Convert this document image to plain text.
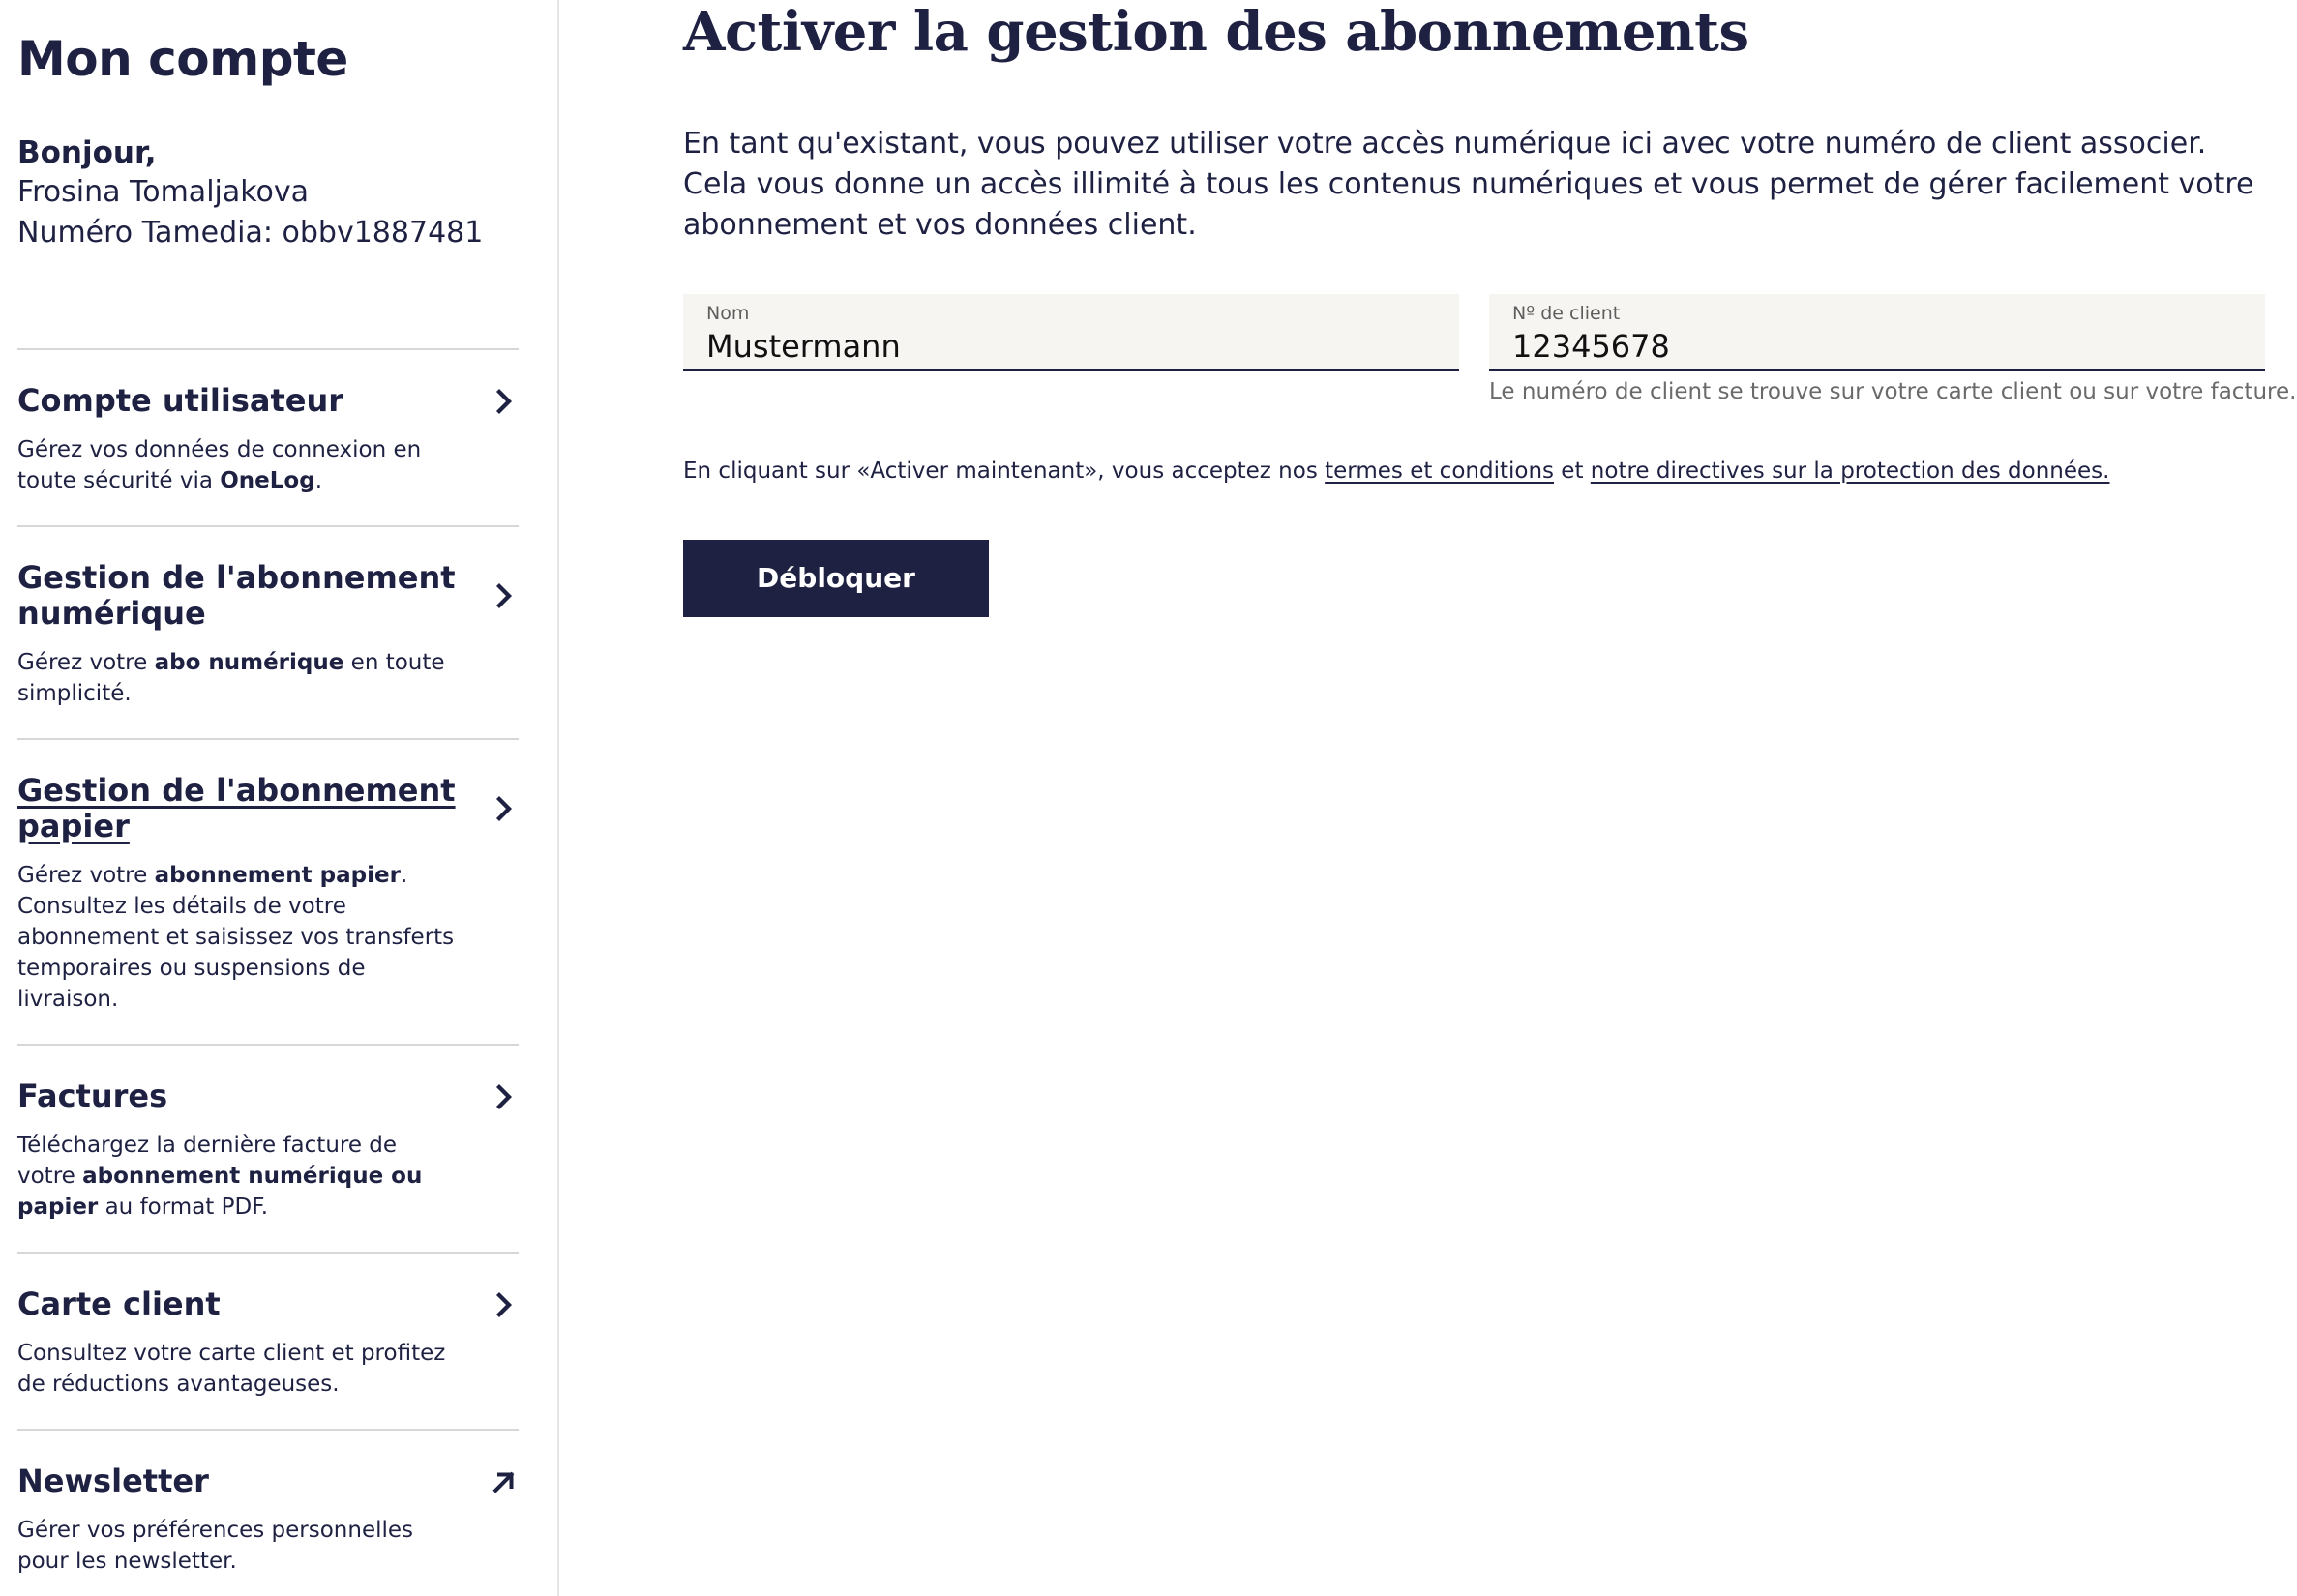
Mon compte
Bonjour,
Frosina Tomaljakova
Numéro Tamedia: obbv1887481
Compte utilisateur
Gérez vos données de connexion en toute sécurité via OneLog.
Gestion de l'abonnement numérique
Gérez votre abo numérique en toute simplicité.
Gestion de l'abonnement papier
Gérez votre abonnement papier. Consultez les détails de votre abonnement et saisissez vos transferts temporaires ou suspensions de livraison.
Factures
Téléchargez la dernière facture de votre abonnement numérique ou papier au format PDF.
Carte client
Consultez votre carte client et profitez de réductions avantageuses.
Newsletter
Gérer vos préférences personnelles pour les newsletter.
Activer la gestion des abonnements

En tant qu'existant, vous pouvez utiliser votre accès numérique ici avec votre numéro de client associer. Cela vous donne un accès illimité à tous les contenus numériques et vous permet de gérer facilement votre abonnement et vos données client.

Nom
Mustermann
Nº de client
12345678
Le numéro de client se trouve sur votre carte client ou sur votre facture.

En cliquant sur «Activer maintenant», vous acceptez nos termes et conditions et notre directives sur la protection des données.

Débloquer maintenant
